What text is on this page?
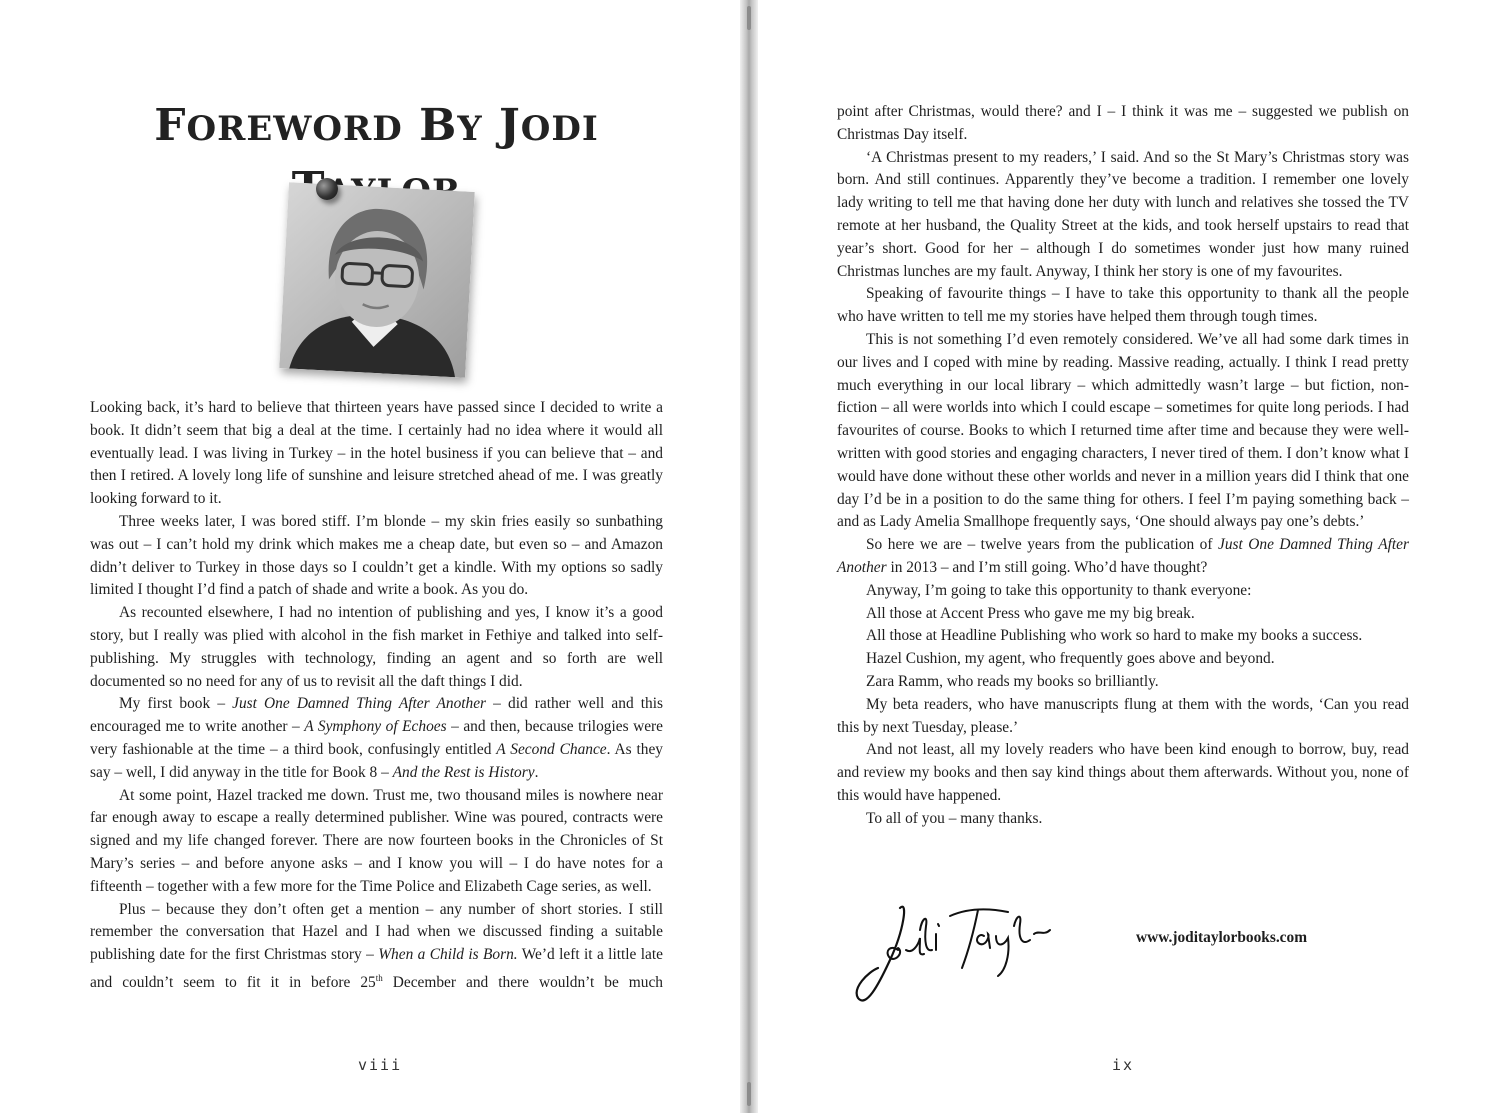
FOREWORD BY JODI

Looking back, it’s hard to believe that thirteen years have passed since I decided to write a book. It didn’t seem that big a deal at the time. I certainly had no idea where it would all eventually lead. I was living in Turkey – in the hotel business if you can believe that – and then I retired. A lovely long life of sunshine and leisure stretched ahead of me. I was greatly looking forward to it.

Three weeks later, I was bored stiff. I’m blonde – my skin fries easily so sunbathing was out – I can’t hold my drink which makes me a cheap date, but even so – and Amazon didn’t deliver to Turkey in those days so I couldn’t get a kindle. With my options so sadly limited I thought I’d find a patch of shade and write a book. As you do.

As recounted elsewhere, I had no intention of publishing and yes, I know it’s a good story, but I really was plied with alcohol in the fish market in Fethiye and talked into self-publishing. My struggles with technology, finding an agent and so forth are well documented so no need for any of us to revisit all the daft things I did.

My first book – Just One Damned Thing After Another – did rather well and this encouraged me to write another – A Symphony of Echoes – and then, because trilogies were very fashionable at the time – a third book, confusingly entitled A Second Chance. As they say – well, I did anyway in the title for Book 8 – And the Rest is History.

At some point, Hazel tracked me down. Trust me, two thousand miles is nowhere near far enough away to escape a really determined publisher. Wine was poured, contracts were signed and my life changed forever. There are now fourteen books in the Chronicles of St Mary’s series – and before anyone asks – and I know you will – I do have notes for a fifteenth – together with a few more for the Time Police and Elizabeth Cage series, as well.

Plus – because they don’t often get a mention – any number of short stories. I still remember the conversation that Hazel and I had when we discussed finding a suitable publishing date for the first Christmas story – When a Child is Born. We’d left it a little late and couldn’t seem to fit it in before 25th December and there wouldn’t be much

viii

point after Christmas, would there? and I – I think it was me – suggested we publish on Christmas Day itself.

‘A Christmas present to my readers,’ I said. And so the St Mary’s Christmas story was born. And still continues. Apparently they’ve become a tradition. I remember one lovely lady writing to tell me that having done her duty with lunch and relatives she tossed the TV remote at her husband, the Quality Street at the kids, and took herself upstairs to read that year’s short. Good for her – although I do sometimes wonder just how many ruined Christmas lunches are my fault. Anyway, I think her story is one of my favourites.

Speaking of favourite things – I have to take this opportunity to thank all the people who have written to tell me my stories have helped them through tough times.

This is not something I’d even remotely considered. We’ve all had some dark times in our lives and I coped with mine by reading. Massive reading, actually. I think I read pretty much everything in our local library – which admittedly wasn’t large – but fiction, non-fiction – all were worlds into which I could escape – sometimes for quite long periods. I had favourites of course. Books to which I returned time after time and because they were well-written with good stories and engaging characters, I never tired of them. I don’t know what I would have done without these other worlds and never in a million years did I think that one day I’d be in a position to do the same thing for others. I feel I’m paying something back – and as Lady Amelia Smallhope frequently says, ‘One should always pay one’s debts.’

So here we are – twelve years from the publication of Just One Damned Thing After Another in 2013 – and I’m still going. Who’d have thought?

Anyway, I’m going to take this opportunity to thank everyone:

All those at Accent Press who gave me my big break.

All those at Headline Publishing who work so hard to make my books a success.

Hazel Cushion, my agent, who frequently goes above and beyond.

Zara Ramm, who reads my books so brilliantly.

My beta readers, who have manuscripts flung at them with the words, ‘Can you read this by next Tuesday, please.’

And not least, all my lovely readers who have been kind enough to borrow, buy, read and review my books and then say kind things about them afterwards. Without you, none of this would have happened.

To all of you – many thanks.

www.joditaylorbooks.com
ix
